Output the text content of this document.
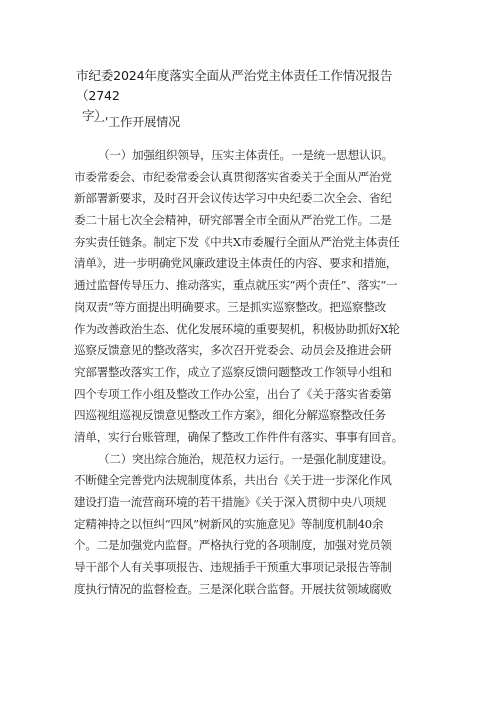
市纪委2024年度落实全面从严治党主体责任工作情况报告（2742
字）
一'工作开展情况
（一）加强组织领导，压实主体责任。一是统一思想认识。
市委常委会、市纪委常委会认真贯彻落实省委关于全面从严治党
新部署新要求，及时召开会议传达学习中央纪委二次全会、省纪
委二十届七次全会精神，研究部署全市全面从严治党工作。二是
夯实责任链条。制定下发《中共X市委履行全面从严治党主体责任
清单》，进一步明确党风廉政建设主体责任的内容、要求和措施，
通过监督传导压力、推动落实，重点就压实“两个责任”、落实“一
岗双责”等方面提出明确要求。三是抓实巡察整改。把巡察整改
作为改善政治生态、优化发展环境的重要契机，积极协助抓好X轮
巡察反馈意见的整改落实，多次召开党委会、动员会及推进会研
究部署整改落实工作，成立了巡察反馈问题整改工作领导小组和
四个专项工作小组及整改工作办公室，出台了《关于落实省委第
四巡视组巡视反馈意见整改工作方案》，细化分解巡察整改任务
清单，实行台账管理，确保了整改工作件件有落实、事事有回音。
（二）突出综合施治，规范权力运行。一是强化制度建设。
不断健全完善党内法规制度体系，共出台《关于进一步深化作风
建设打造一流营商环境的若干措施》《关于深入贯彻中央八项规
定精神持之以恒纠“四风”树新风的实施意见》等制度机制40余
个。二是加强党内监督。严格执行党的各项制度，加强对党员领
导干部个人有关事项报告、违规插手干预重大事项记录报告等制
度执行情况的监督检查。三是深化联合监督。开展扶贫领域腐败
